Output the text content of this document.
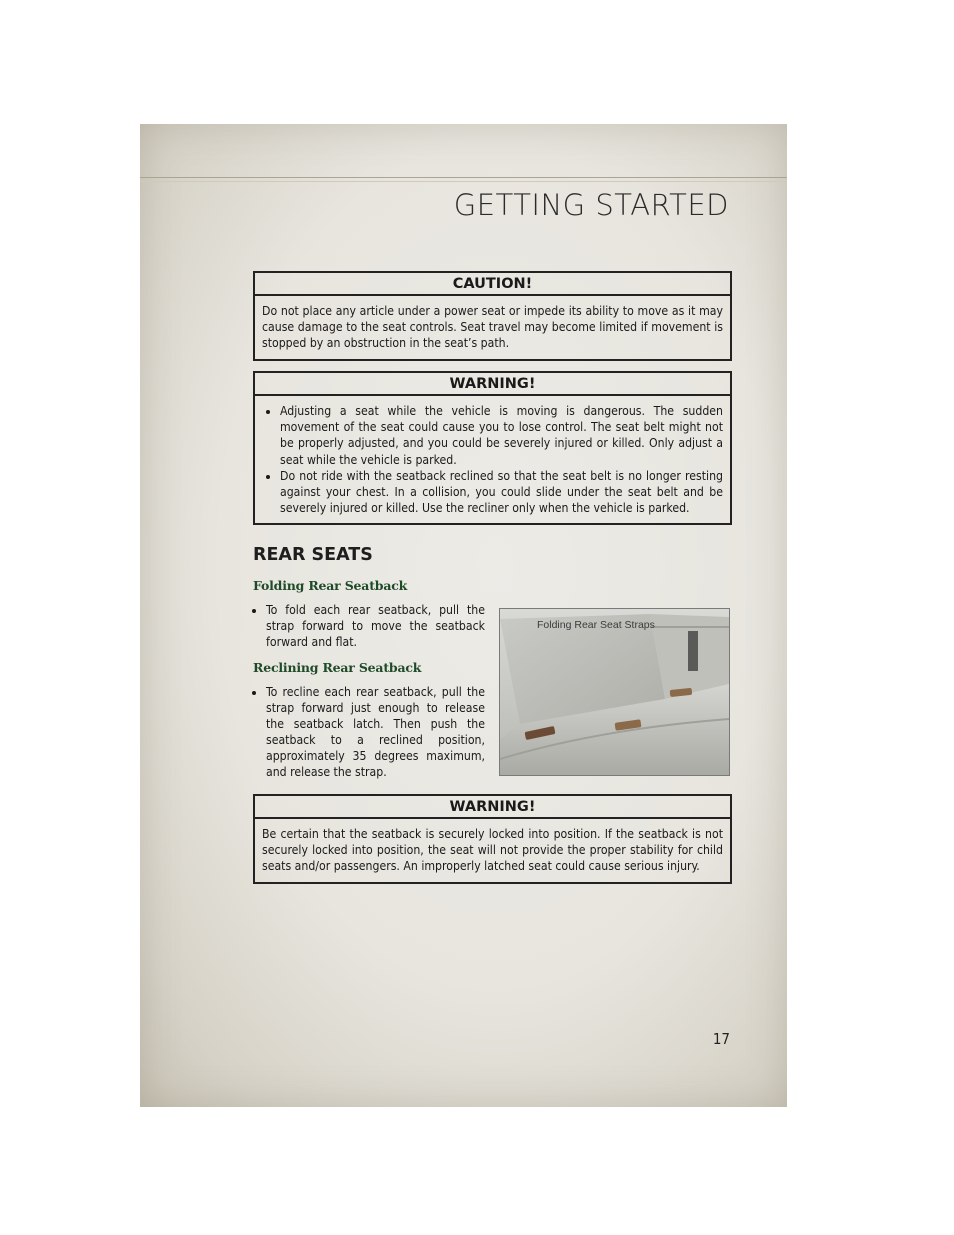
GETTING STARTED
CAUTION!
Do not place any article under a power seat or impede its ability to move as it may cause damage to the seat controls. Seat travel may become limited if movement is stopped by an obstruction in the seat’s path.
WARNING!
• Adjusting a seat while the vehicle is moving is dangerous. The sudden movement of the seat could cause you to lose control. The seat belt might not be properly adjusted, and you could be severely injured or killed. Only adjust a seat while the vehicle is parked.
• Do not ride with the seatback reclined so that the seat belt is no longer resting against your chest. In a collision, you could slide under the seat belt and be severely injured or killed. Use the recliner only when the vehicle is parked.
REAR SEATS
Folding Rear Seatback
• To fold each rear seatback, pull the strap forward to move the seatback forward and flat.
Reclining Rear Seatback
• To recline each rear seatback, pull the strap forward just enough to release the seatback latch. Then push the seatback to a reclined position, approximately 35 degrees maximum, and release the strap.
Folding Rear Seat Straps
WARNING!
Be certain that the seatback is securely locked into position. If the seatback is not securely locked into position, the seat will not provide the proper stability for child seats and/or passengers. An improperly latched seat could cause serious injury.
17
